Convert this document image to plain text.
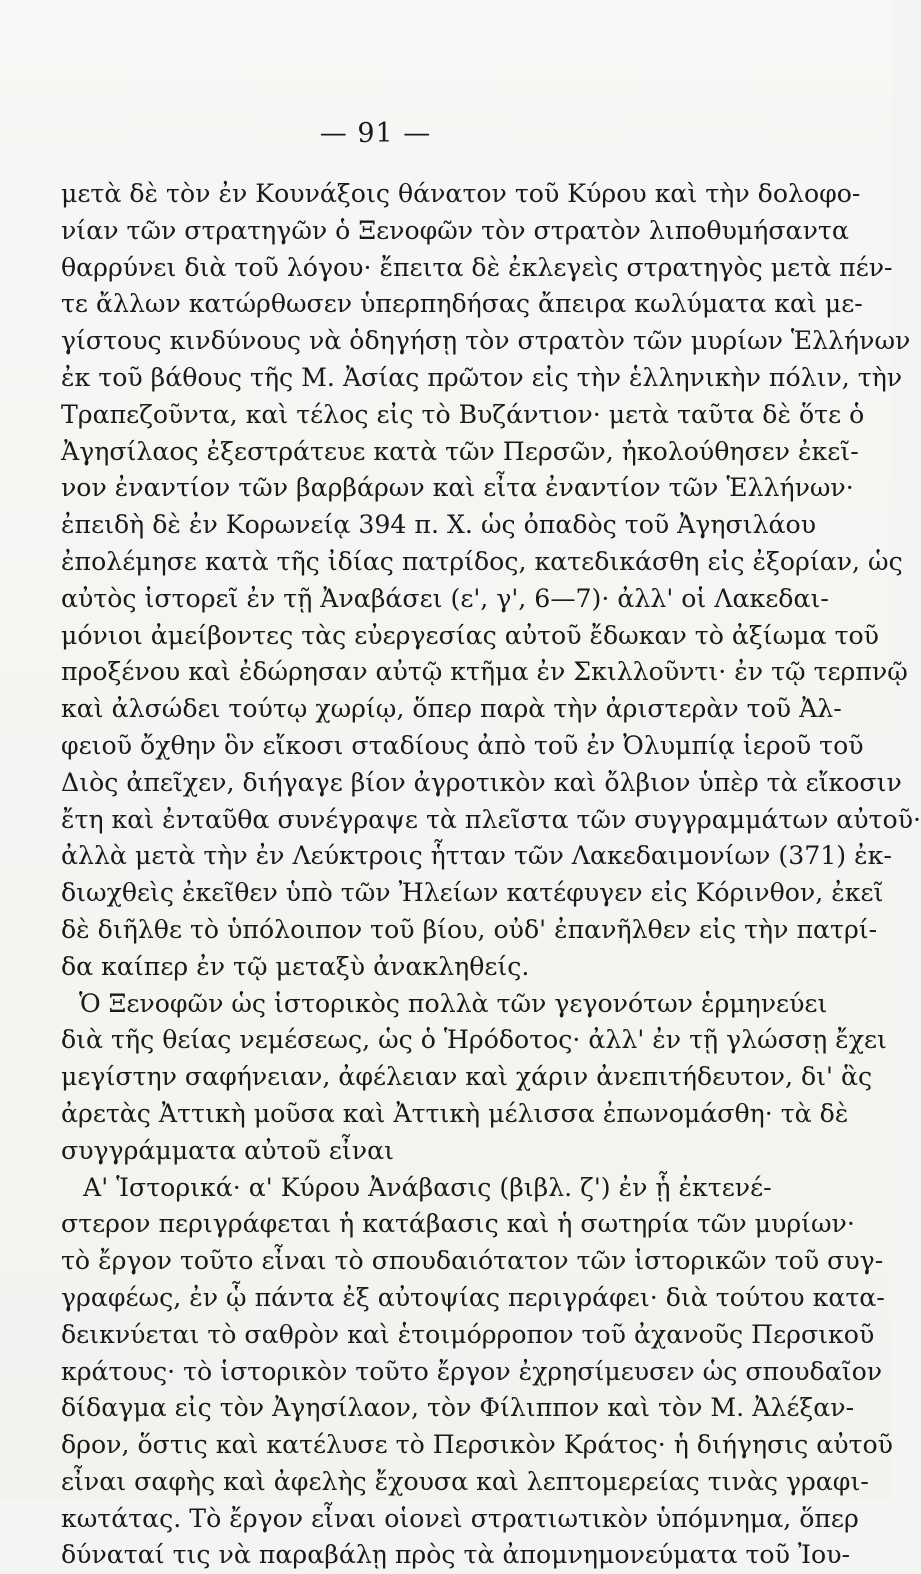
— 91 —
μετὰ δὲ τὸν ἐν Κουνάξοις θάνατον τοῦ Κύρου καὶ τὴν δολοφο-
νίαν τῶν στρατηγῶν ὁ Ξενοφῶν τὸν στρατὸν λιποθυμήσαντα
θαρρύνει διὰ τοῦ λόγου· ἔπειτα δὲ ἐκλεγεὶς στρατηγὸς μετὰ πέν-
τε ἄλλων κατώρθωσεν ὑπερπηδήσας ἄπειρα κωλύματα καὶ με-
γίστους κινδύνους νὰ ὁδηγήσῃ τὸν στρατὸν τῶν μυρίων Ἑλλήνων
ἐκ τοῦ βάθους τῆς Μ. Ἀσίας πρῶτον εἰς τὴν ἑλληνικὴν πόλιν, τὴν
Τραπεζοῦντα, καὶ τέλος εἰς τὸ Βυζάντιον· μετὰ ταῦτα δὲ ὅτε ὁ
Ἀγησίλαος ἐξεστράτευε κατὰ τῶν Περσῶν, ἠκολούθησεν ἐκεῖ-
νον ἐναντίον τῶν βαρβάρων καὶ εἶτα ἐναντίον τῶν Ἑλλήνων·
ἐπειδὴ δὲ ἐν Κορωνείᾳ 394 π. Χ. ὡς ὀπαδὸς τοῦ Ἀγησιλάου
ἐπολέμησε κατὰ τῆς ἰδίας πατρίδος, κατεδικάσθη εἰς ἐξορίαν, ὡς
αὐτὸς ἱστορεῖ ἐν τῇ Ἀναβάσει (ε', γ', 6—7)· ἀλλ' οἱ Λακεδαι-
μόνιοι ἀμείβοντες τὰς εὐεργεσίας αὐτοῦ ἔδωκαν τὸ ἀξίωμα τοῦ
προξένου καὶ ἐδώρησαν αὐτῷ κτῆμα ἐν Σκιλλοῦντι· ἐν τῷ τερπνῷ
καὶ ἀλσώδει τούτῳ χωρίῳ, ὅπερ παρὰ τὴν ἀριστερὰν τοῦ Ἀλ-
φειοῦ ὄχθην ὃν εἴκοσι σταδίους ἀπὸ τοῦ ἐν Ὀλυμπίᾳ ἱεροῦ τοῦ
Διὸς ἀπεῖχεν, διήγαγε βίον ἀγροτικὸν καὶ ὄλβιον ὑπὲρ τὰ εἴκοσιν
ἔτη καὶ ἐνταῦθα συνέγραψε τὰ πλεῖστα τῶν συγγραμμάτων αὐτοῦ·
ἀλλὰ μετὰ τὴν ἐν Λεύκτροις ἧτταν τῶν Λακεδαιμονίων (371) ἐκ-
διωχθεὶς ἐκεῖθεν ὑπὸ τῶν Ἠλείων κατέφυγεν εἰς Κόρινθον, ἐκεῖ
δὲ διῆλθε τὸ ὑπόλοιπον τοῦ βίου, οὐδ' ἐπανῆλθεν εἰς τὴν πατρί-
δα καίπερ ἐν τῷ μεταξὺ ἀνακληθείς.
Ὁ Ξενοφῶν ὡς ἱστορικὸς πολλὰ τῶν γεγονότων ἑρμηνεύει
διὰ τῆς θείας νεμέσεως, ὡς ὁ Ἡρόδοτος· ἀλλ' ἐν τῇ γλώσσῃ ἔχει
μεγίστην σαφήνειαν, ἀφέλειαν καὶ χάριν ἀνεπιτήδευτον, δι' ἃς
ἀρετὰς Ἀττικὴ μοῦσα καὶ Ἀττικὴ μέλισσα ἐπωνομάσθη· τὰ δὲ
συγγράμματα αὐτοῦ εἶναι
Α' Ἱστορικά· α' Κύρου Ἀνάβασις (βιβλ. ζ') ἐν ᾗ ἐκτενέ-
στερον περιγράφεται ἡ κατάβασις καὶ ἡ σωτηρία τῶν μυρίων·
τὸ ἔργον τοῦτο εἶναι τὸ σπουδαιότατον τῶν ἱστορικῶν τοῦ συγ-
γραφέως, ἐν ᾧ πάντα ἐξ αὐτοψίας περιγράφει· διὰ τούτου κατα-
δεικνύεται τὸ σαθρὸν καὶ ἑτοιμόρροπον τοῦ ἀχανοῦς Περσικοῦ
κράτους· τὸ ἱστορικὸν τοῦτο ἔργον ἐχρησίμευσεν ὡς σπουδαῖον
δίδαγμα εἰς τὸν Ἀγησίλαον, τὸν Φίλιππον καὶ τὸν Μ. Ἀλέξαν-
δρον, ὅστις καὶ κατέλυσε τὸ Περσικὸν Κράτος· ἡ διήγησις αὐτοῦ
εἶναι σαφὴς καὶ ἀφελὴς ἔχουσα καὶ λεπτομερείας τινὰς γραφι-
κωτάτας. Τὸ ἔργον εἶναι οἱονεὶ στρατιωτικὸν ὑπόμνημα, ὅπερ
δύναταί τις νὰ παραβάλῃ πρὸς τὰ ἀπομνημονεύματα τοῦ Ἰου-
